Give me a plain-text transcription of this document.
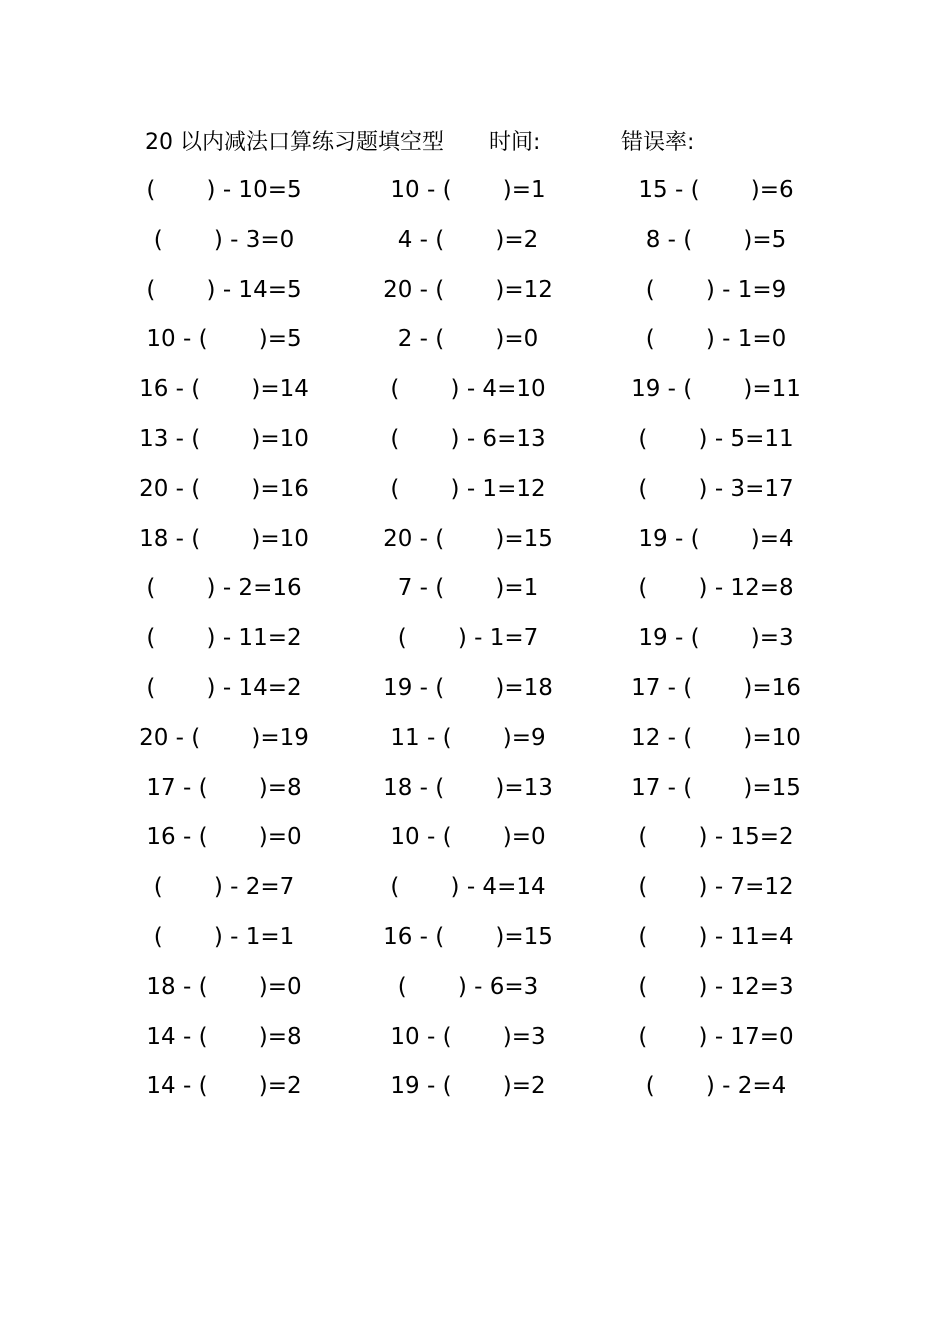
20 以内减法口算练习题填空型 时间:	错误率:
(       ) - 10=5	10 - (       )=1	15 - (       )=6
(       ) - 3=0	4 - (       )=2	8 - (       )=5
(       ) - 14=5	20 - (       )=12	(       ) - 1=9
10 - (       )=5	2 - (       )=0	(       ) - 1=0
16 - (       )=14	(       ) - 4=10	19 - (       )=11
13 - (       )=10	(       ) - 6=13	(       ) - 5=11
20 - (       )=16	(       ) - 1=12	(       ) - 3=17
18 - (       )=10	20 - (       )=15	19 - (       )=4
(       ) - 2=16	7 - (       )=1	(       ) - 12=8
(       ) - 11=2	(       ) - 1=7	19 - (       )=3
(       ) - 14=2	19 - (       )=18	17 - (       )=16
20 - (       )=19	11 - (       )=9	12 - (       )=10
17 - (       )=8	18 - (       )=13	17 - (       )=15
16 - (       )=0	10 - (       )=0	(       ) - 15=2
(       ) - 2=7	(       ) - 4=14	(       ) - 7=12
(       ) - 1=1	16 - (       )=15	(       ) - 11=4
18 - (       )=0	(       ) - 6=3	(       ) - 12=3
14 - (       )=8	10 - (       )=3	(       ) - 17=0
14 - (       )=2	19 - (       )=2	(       ) - 2=4
